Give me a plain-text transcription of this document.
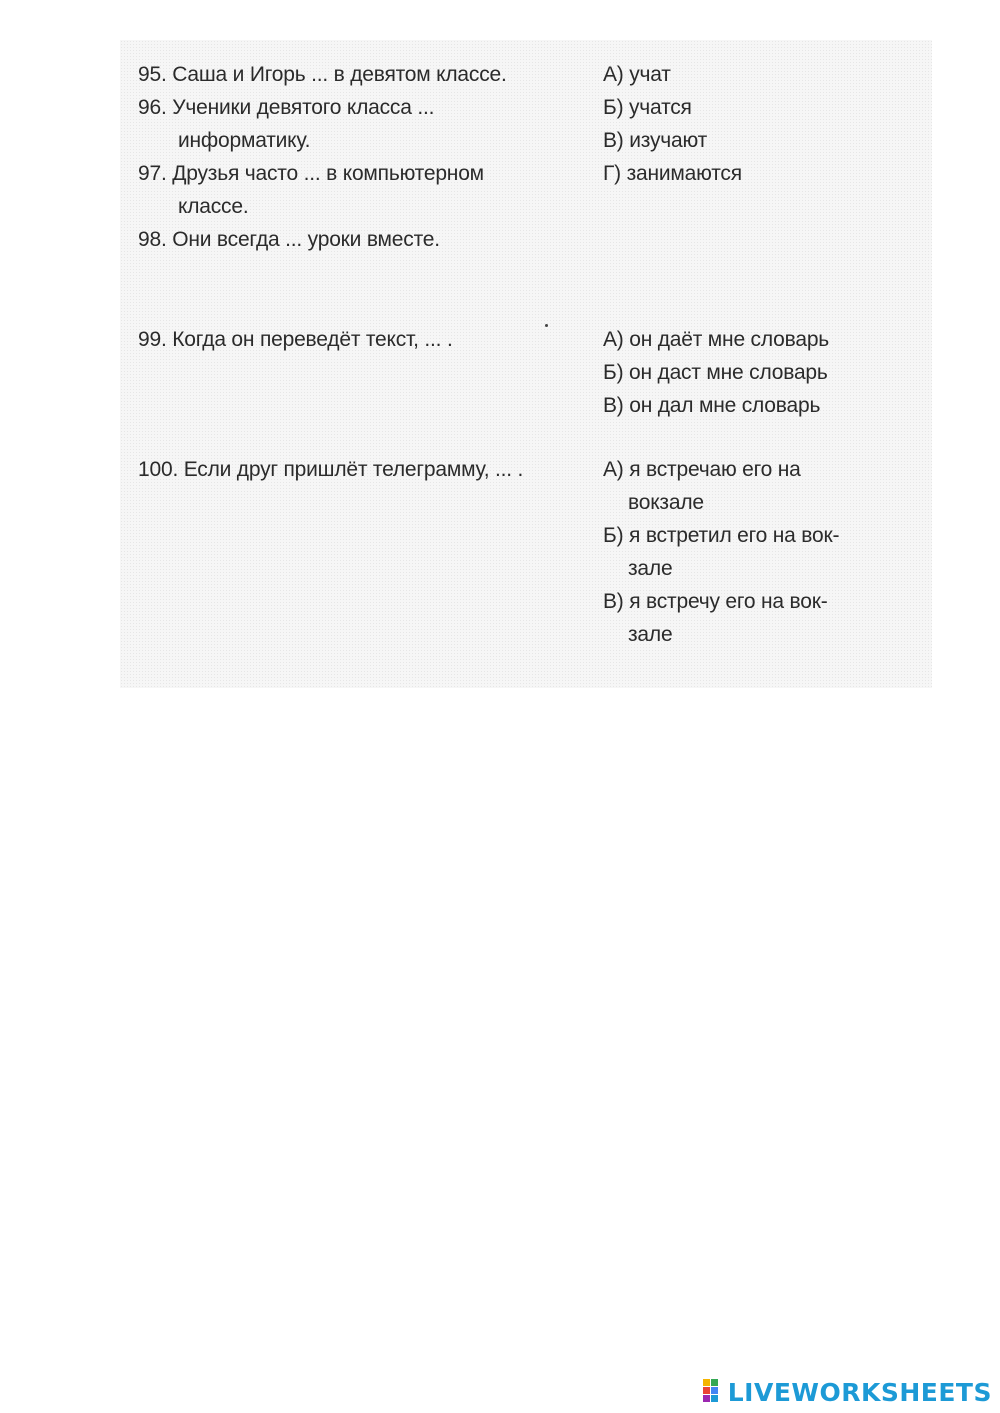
95. Саша и Игорь ... в девятом классе.
96. Ученики девятого класса ...
информатику.
97. Друзья часто ... в компьютерном
классе.
98. Они всегда ... уроки вместе.
А) учат
Б) учатся
В) изучают
Г) занимаются
99. Когда он переведёт текст, ... .	А) он даёт мне словарь
Б) он даст мне словарь
В) он дал мне словарь
100. Если друг пришлёт телеграмму, ... .	А) я встречаю его на
вокзале
Б) я встретил его на вок-
зале
В) я встречу его на вок-
зале
LIVEWORKSHEETS
